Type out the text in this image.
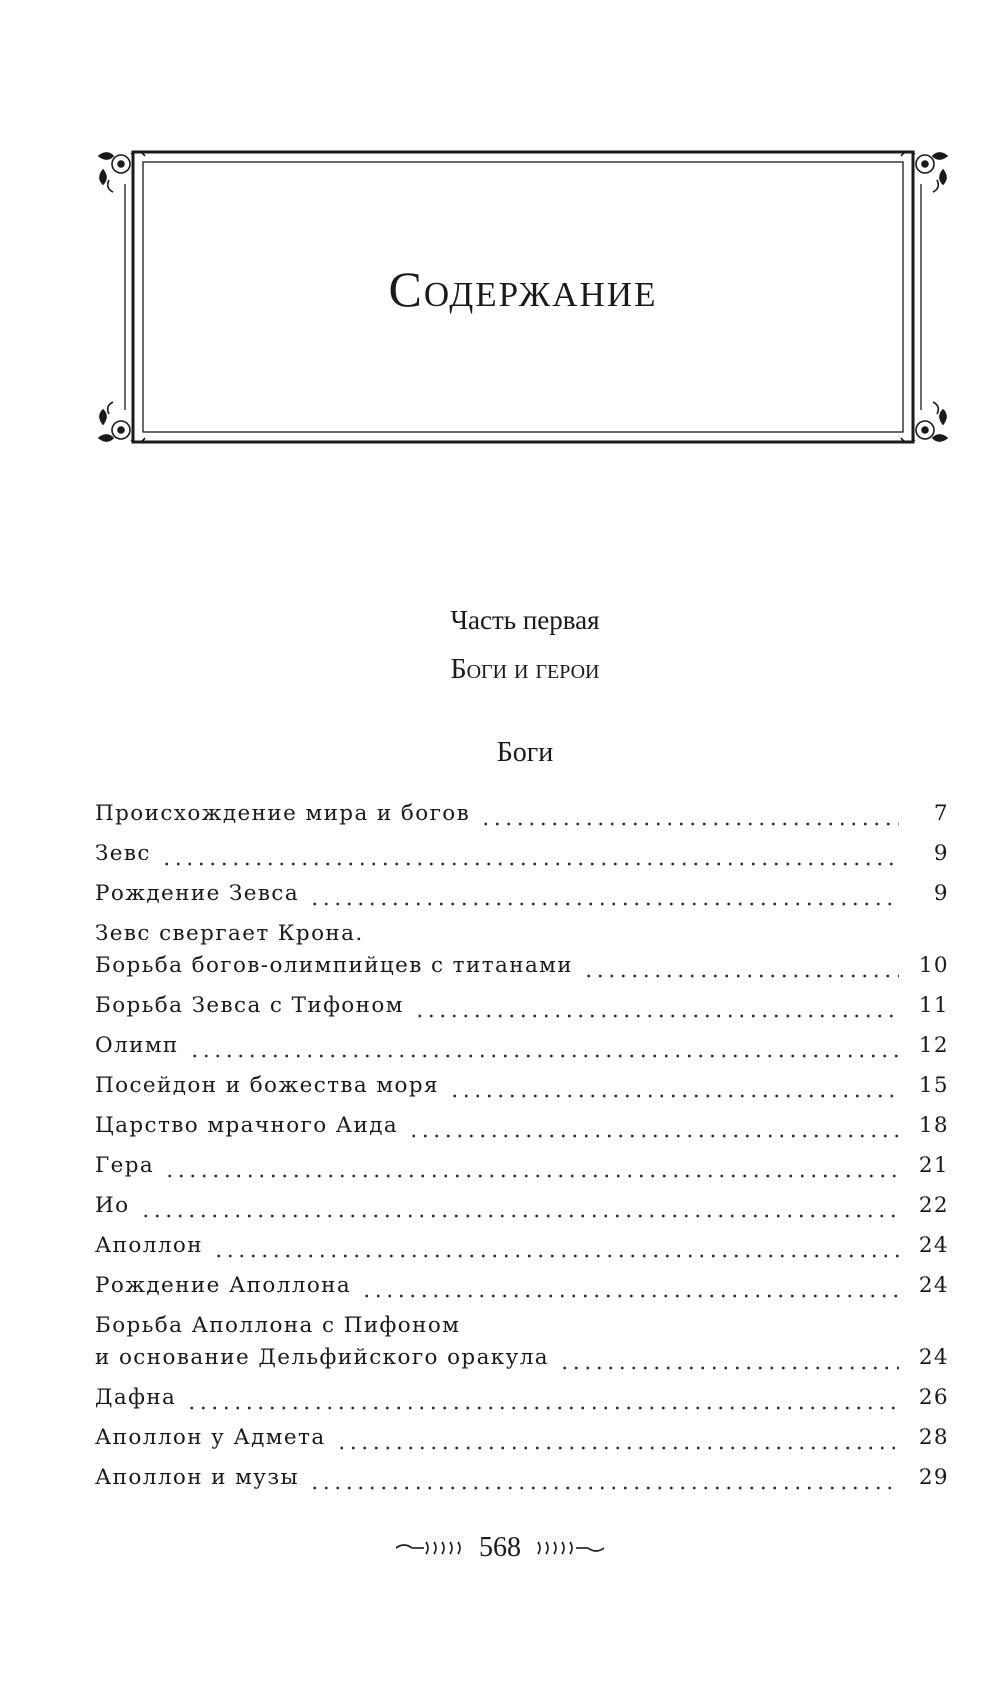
Содержание
Часть первая
Боги и герои
Боги
Происхождение мира и богов	7
Зевс	9
Рождение Зевса	9
Зевс свергает Крона.
Борьба богов-олимпийцев с титанами	10
Борьба Зевса с Тифоном	11
Олимп	12
Посейдон и божества моря	15
Царство мрачного Аида	18
Гера	21
Ио	22
Аполлон	24
Рождение Аполлона	24
Борьба Аполлона с Пифоном
и основание Дельфийского оракула	24
Дафна	26
Аполлон у Адмета	28
Аполлон и музы	29
568
